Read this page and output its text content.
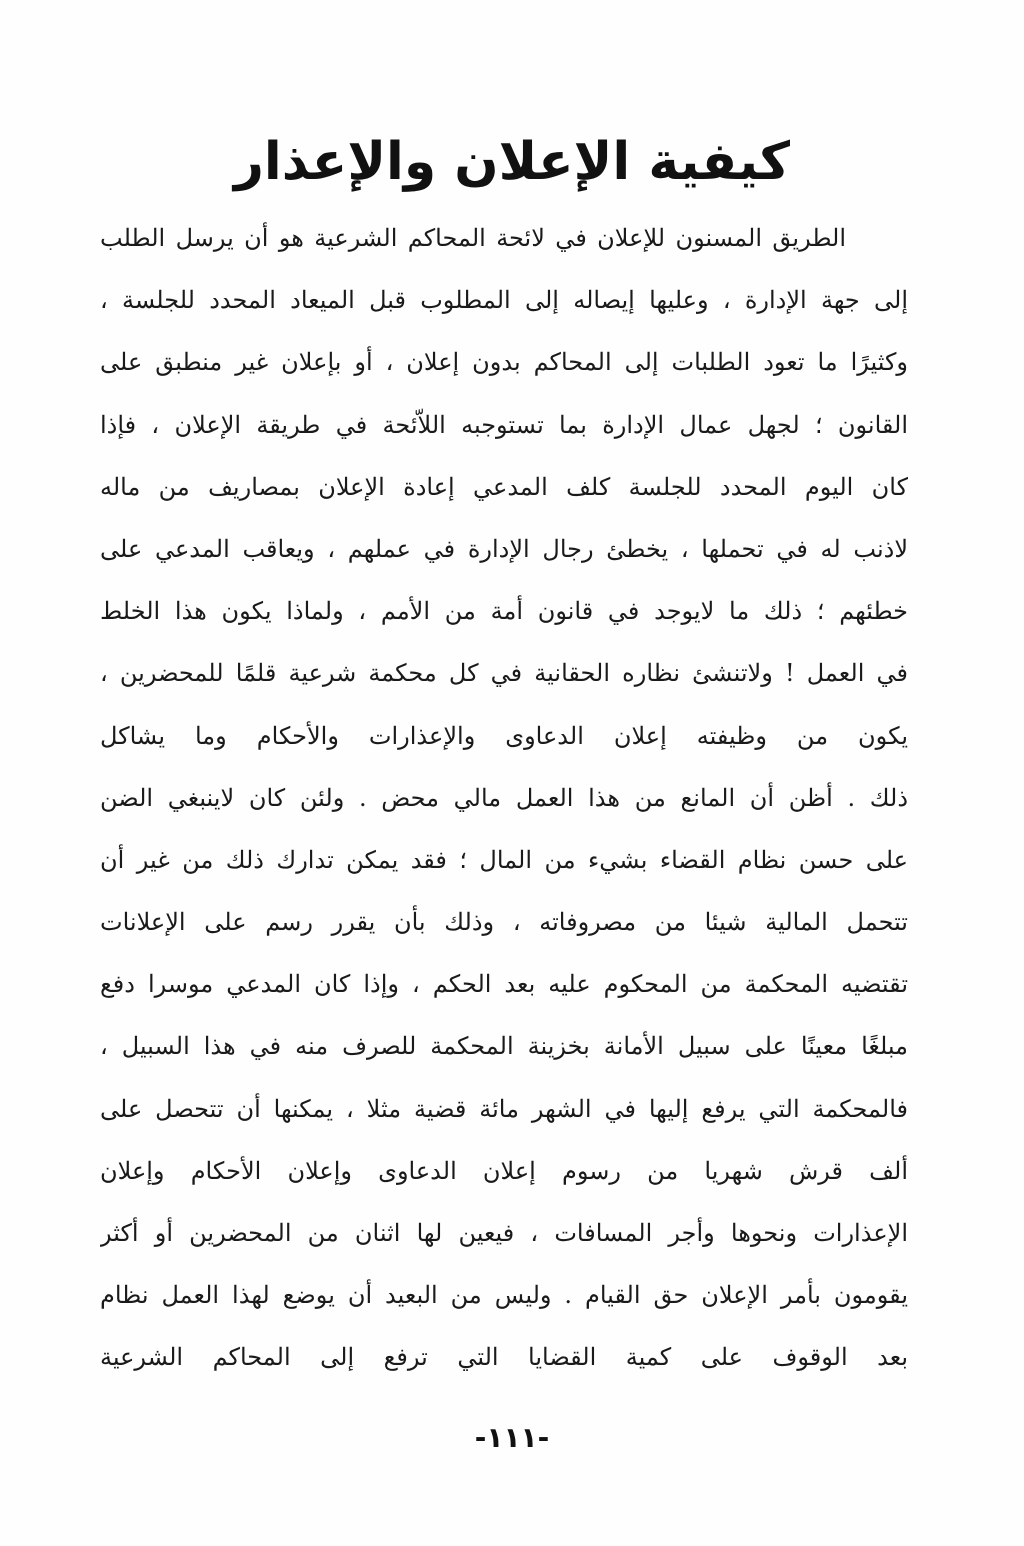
كيفية الإعلان والإعذار
الطريق المسنون للإعلان في لائحة المحاكم الشرعية هو أن يرسل الطلب
إلى جهة الإدارة ، وعليها إيصاله إلى المطلوب قبل الميعاد المحدد للجلسة ،
وكثيرًا ما تعود الطلبات إلى المحاكم بدون إعلان ، أو بإعلان غير منطبق على
القانون ؛ لجهل عمال الإدارة بما تستوجبه اللاّئحة في طريقة الإعلان ، فإذا
كان اليوم المحدد للجلسة كلف المدعي إعادة الإعلان بمصاريف من ماله
لاذنب له في تحملها ، يخطئ رجال الإدارة في عملهم ، ويعاقب المدعي على
خطئهم ؛ ذلك ما لايوجد في قانون أمة من الأمم ، ولماذا يكون هذا الخلط
في العمل ! ولاتنشئ نظاره الحقانية في كل محكمة شرعية قلمًا للمحضرين ،
يكون من وظيفته إعلان الدعاوى والإعذارات والأحكام وما يشاكل
ذلك . أظن أن المانع من هذا العمل مالي محض . ولئن كان لاينبغي الضن
على حسن نظام القضاء بشيء من المال ؛ فقد يمكن تدارك ذلك من غير أن
تتحمل المالية شيئا من مصروفاته ، وذلك بأن يقرر رسم على الإعلانات
تقتضيه المحكمة من المحكوم عليه بعد الحكم ، وإذا كان المدعي موسرا دفع
مبلغًا معينًا على سبيل الأمانة بخزينة المحكمة للصرف منه في هذا السبيل ،
فالمحكمة التي يرفع إليها في الشهر مائة قضية مثلا ، يمكنها أن تتحصل على
ألف قرش شهريا من رسوم إعلان الدعاوى وإعلان الأحكام وإعلان
الإعذارات ونحوها وأجر المسافات ، فيعين لها اثنان من المحضرين أو أكثر
يقومون بأمر الإعلان حق القيام . وليس من البعيد أن يوضع لهذا العمل نظام
بعد الوقوف على كمية القضايا التي ترفع إلى المحاكم الشرعية
-١١١-
